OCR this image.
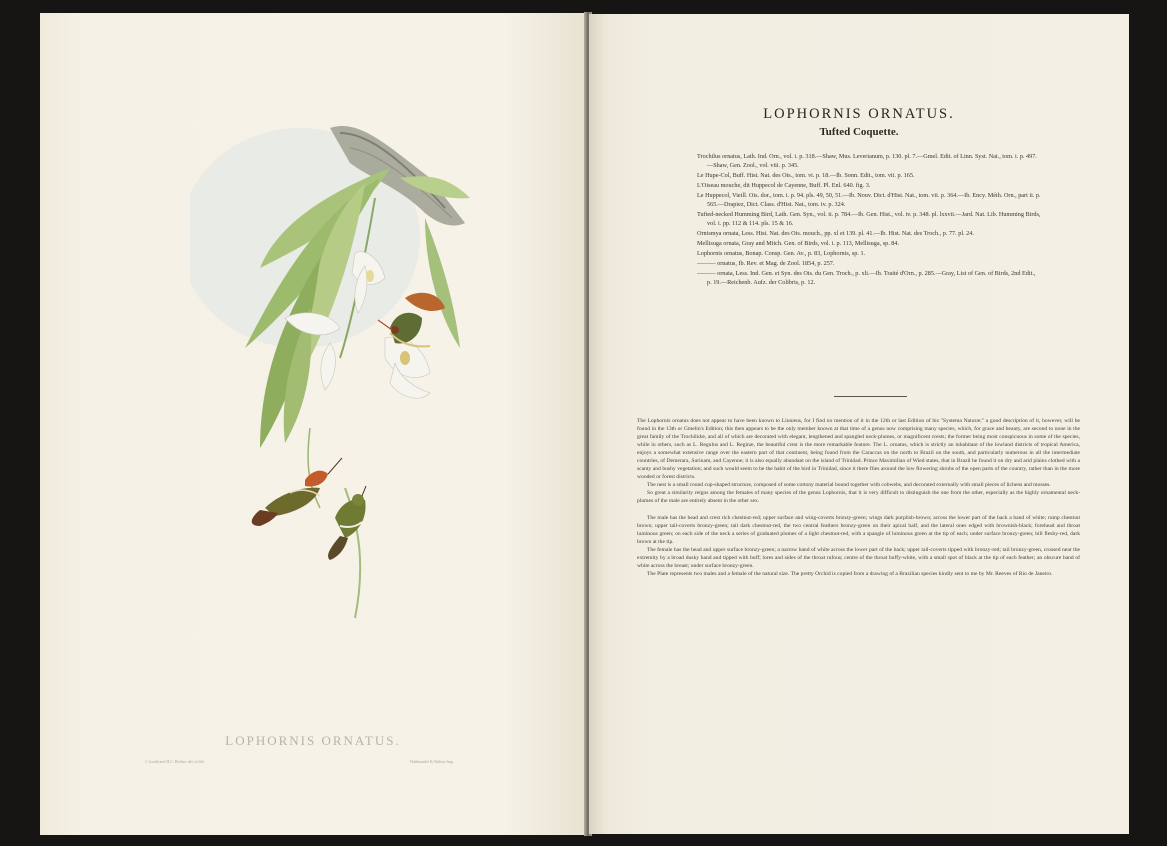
LOPHORNIS ORNATUS.
J. Gould and H.C. Richter del. et lith.	Hullmandel & Walton Imp.
LOPHORNIS ORNATUS.
Tufted Coquette.
Trochilus ornatus, Lath. Ind. Orn., vol. i. p. 318.—Shaw, Mus. Leverianum, p. 130. pl. 7.—Gmel. Edit. of Linn. Syst. Nat., tom. i. p. 497.—Shaw, Gen. Zool., vol. viii. p. 345.
Le Hupe-Col, Buff. Hist. Nat. des Ois., tom. vi. p. 18.—Ib. Sonn. Edit., tom. vii. p. 165.
L'Oiseau mouche, dit Huppecol de Cayenne, Buff. Pl. Enl. 640. fig. 3.
Le Huppecol, Vieill. Ois. dor., tom. i. p. 94. pls. 49, 50, 51.—Ib. Nouv. Dict. d'Hist. Nat., tom. vii. p. 364.—Ib. Ency. Méth. Orn., part ii. p. 565.—Drapiez, Dict. Class. d'Hist. Nat., tom. iv. p. 324.
Tufted-necked Humming Bird, Lath. Gen. Syn., vol. ii. p. 784.—Ib. Gen. Hist., vol. iv. p. 348. pl. lxxvii.—Jard. Nat. Lib. Humming Birds, vol. i. pp. 112 & 114. pls. 15 & 16.
Ornismya ornata, Less. Hist. Nat. des Ois. mouch., pp. xl et 139. pl. 41.—Ib. Hist. Nat. des Troch., p. 77. pl. 24.
Mellisuga ornata, Gray and Mitch. Gen. of Birds, vol. i. p. 113, Mellisuga, sp. 84.
Lophornis ornatus, Bonap. Consp. Gen. Av., p. 83, Lophornis, sp. 1.
——— ornatus, Ib. Rev. et Mag. de Zool. 1854, p. 257.
——— ornata, Less. Ind. Gen. et Syn. des Ois. du Gen. Troch., p. xli.—Ib. Traité d'Orn., p. 285.—Gray, List of Gen. of Birds, 2nd Edit., p. 19.—Reichenb. Aufz. der Colibris, p. 12.

The Lophornis ornatus does not appear to have been known to Linnæus, for I find no mention of it in the 12th or last Edition of his "Systema Naturæ;" a good description of it, however, will be found in the 13th or Gmelin's Edition; this then appears to be the only member known at that time of a genus now comprising many species, which, for grace and beauty, are second to none in the great family of the Trochilidæ, and all of which are decorated with elegant, lengthened and spangled neck-plumes, or magnificent crests; the former being most conspicuous in some of the species, while in others, such as L. Regulus and L. Reginæ, the beautiful crest is the more remarkable feature. The L. ornatus, which is strictly an inhabitant of the lowland districts of tropical America, enjoys a somewhat extensive range over the eastern part of that continent, being found from the Caraccas on the north to Brazil on the south, and particularly numerous in all the intermediate countries, of Demerara, Surinam, and Cayenne; it is also equally abundant on the island of Trinidad. Prince Maximilian of Wied states, that in Brazil he found it on dry and arid plains clothed with a scanty and bushy vegetation; and such would seem to be the habit of the bird in Trinidad, since it there flies around the low flowering shrubs of the open parts of the country, rather than in the more wooded or forest districts.

The nest is a small round cup-shaped structure, composed of some cottony material bound together with cobwebs, and decorated externally with small pieces of lichens and mosses.

So great a similarity reigns among the females of many species of the genus Lophornis, that it is very difficult to distinguish the one from the other, especially as the highly ornamental neck-plumes of the male are entirely absent in the other sex.

The male has the head and crest rich chestnut-red; upper surface and wing-coverts bronzy-green; wings dark purplish-brown; across the lower part of the back a band of white; rump chestnut brown; upper tail-coverts bronzy-green; tail dark chestnut-red, the two central feathers bronzy-green on their apical half, and the lateral ones edged with brownish-black; forehead and throat luminous green; on each side of the neck a series of graduated plumes of a light chestnut-red, with a spangle of luminous green at the tip of each; under surface bronzy-green; bill fleshy-red, dark brown at the tip.

The female has the head and upper surface bronzy-green; a narrow band of white across the lower part of the back; upper tail-coverts tipped with bronzy-red; tail bronzy-green, crossed near the extremity by a broad dusky band and tipped with buff; lores and sides of the throat rufous; centre of the throat buffy-white, with a small spot of black at the tip of each feather; an obscure band of white across the breast; under surface bronzy-green.

The Plate represents two males and a female of the natural size. The pretty Orchid is copied from a drawing of a Brazilian species kindly sent to me by Mr. Reeves of Rio de Janeiro.
